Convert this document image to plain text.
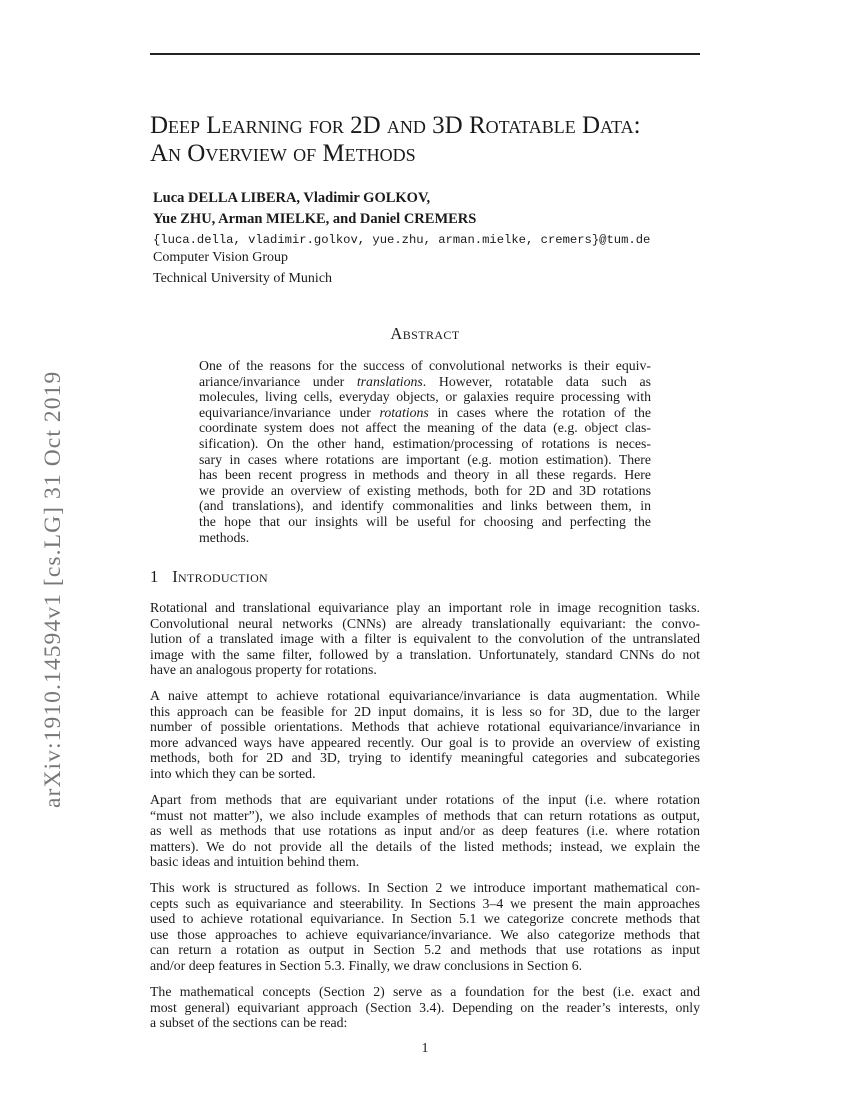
arXiv:1910.14594v1 [cs.LG] 31 Oct 2019
Deep Learning for 2D and 3D Rotatable Data:
An Overview of Methods
Luca DELLA LIBERA, Vladimir GOLKOV,
Yue ZHU, Arman MIELKE, and Daniel CREMERS
{luca.della, vladimir.golkov, yue.zhu, arman.mielke, cremers}@tum.de
Computer Vision Group
Technical University of Munich
Abstract
One of the reasons for the success of convolutional networks is their equiv-
ariance/invariance under translations. However, rotatable data such as
molecules, living cells, everyday objects, or galaxies require processing with
equivariance/invariance under rotations in cases where the rotation of the
coordinate system does not affect the meaning of the data (e.g. object clas-
sification). On the other hand, estimation/processing of rotations is neces-
sary in cases where rotations are important (e.g. motion estimation). There
has been recent progress in methods and theory in all these regards. Here
we provide an overview of existing methods, both for 2D and 3D rotations
(and translations), and identify commonalities and links between them, in
the hope that our insights will be useful for choosing and perfecting the
methods.
1 Introduction
Rotational and translational equivariance play an important role in image recognition tasks.
Convolutional neural networks (CNNs) are already translationally equivariant: the convo-
lution of a translated image with a filter is equivalent to the convolution of the untranslated
image with the same filter, followed by a translation. Unfortunately, standard CNNs do not
have an analogous property for rotations.
A naive attempt to achieve rotational equivariance/invariance is data augmentation. While
this approach can be feasible for 2D input domains, it is less so for 3D, due to the larger
number of possible orientations. Methods that achieve rotational equivariance/invariance in
more advanced ways have appeared recently. Our goal is to provide an overview of existing
methods, both for 2D and 3D, trying to identify meaningful categories and subcategories
into which they can be sorted.
Apart from methods that are equivariant under rotations of the input (i.e. where rotation
“must not matter”), we also include examples of methods that can return rotations as output,
as well as methods that use rotations as input and/or as deep features (i.e. where rotation
matters). We do not provide all the details of the listed methods; instead, we explain the
basic ideas and intuition behind them.
This work is structured as follows. In Section 2 we introduce important mathematical con-
cepts such as equivariance and steerability. In Sections 3–4 we present the main approaches
used to achieve rotational equivariance. In Section 5.1 we categorize concrete methods that
use those approaches to achieve equivariance/invariance. We also categorize methods that
can return a rotation as output in Section 5.2 and methods that use rotations as input
and/or deep features in Section 5.3. Finally, we draw conclusions in Section 6.
The mathematical concepts (Section 2) serve as a foundation for the best (i.e. exact and
most general) equivariant approach (Section 3.4). Depending on the reader’s interests, only
a subset of the sections can be read:
1
